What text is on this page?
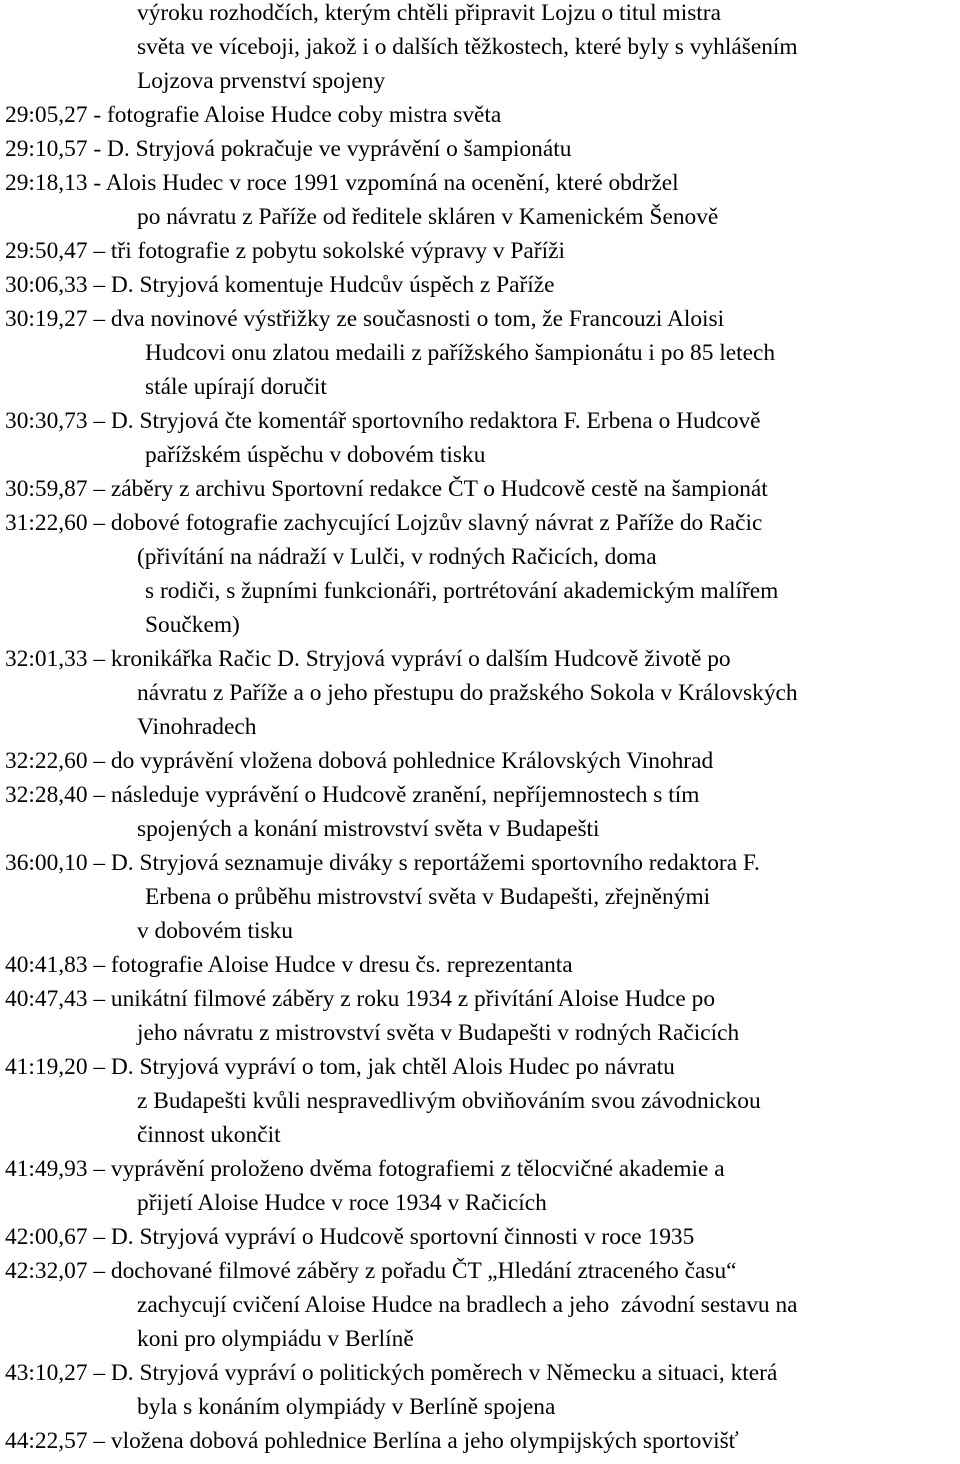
výroku rozhodčích, kterým chtěli připravit Lojzu o titul mistra
světa ve víceboji, jakož i o dalších těžkostech, které byly s vyhlášením
Lojzova prvenství spojeny
29:05,27 - fotografie Aloise Hudce coby mistra světa
29:10,57 - D. Stryjová pokračuje ve vyprávění o šampionátu
29:18,13 - Alois Hudec v roce 1991 vzpomíná na ocenění, které obdržel
po návratu z Paříže od ředitele skláren v Kamenickém Šenově
29:50,47 – tři fotografie z pobytu sokolské výpravy v Paříži
30:06,33 – D. Stryjová komentuje Hudcův úspěch z Paříže
30:19,27 – dva novinové výstřižky ze současnosti o tom, že Francouzi Aloisi
Hudcovi onu zlatou medaili z pařížského šampionátu i po 85 letech
stále upírají doručit
30:30,73 – D. Stryjová čte komentář sportovního redaktora F. Erbena o Hudcově
pařížském úspěchu v dobovém tisku
30:59,87 – záběry z archivu Sportovní redakce ČT o Hudcově cestě na šampionát
31:22,60 – dobové fotografie zachycující Lojzův slavný návrat z Paříže do Račic
(přivítání na nádraží v Lulči, v rodných Račicích, doma
s rodiči, s župními funkcionáři, portrétování akademickým malířem
Součkem)
32:01,33 – kronikářka Račic D. Stryjová vypráví o dalším Hudcově životě po
návratu z Paříže a o jeho přestupu do pražského Sokola v Královských
Vinohradech
32:22,60 – do vyprávění vložena dobová pohlednice Královských Vinohrad
32:28,40 – následuje vyprávění o Hudcově zranění, nepříjemnostech s tím
spojených a konání mistrovství světa v Budapešti
36:00,10 – D. Stryjová seznamuje diváky s reportážemi sportovního redaktora F.
Erbena o průběhu mistrovství světa v Budapešti, zřejněnými
v dobovém tisku
40:41,83 – fotografie Aloise Hudce v dresu čs. reprezentanta
40:47,43 – unikátní filmové záběry z roku 1934 z přivítání Aloise Hudce po
jeho návratu z mistrovství světa v Budapešti v rodných Račicích
41:19,20 – D. Stryjová vypráví o tom, jak chtěl Alois Hudec po návratu
z Budapešti kvůli nespravedlivým obviňováním svou závodnickou
činnost ukončit
41:49,93 – vyprávění proloženo dvěma fotografiemi z tělocvičné akademie a
přijetí Aloise Hudce v roce 1934 v Račicích
42:00,67 – D. Stryjová vypráví o Hudcově sportovní činnosti v roce 1935
42:32,07 – dochované filmové záběry z pořadu ČT „Hledání ztraceného času“
zachycují cvičení Aloise Hudce na bradlech a jeho  závodní sestavu na
koni pro olympiádu v Berlíně
43:10,27 – D. Stryjová vypráví o politických poměrech v Německu a situaci, která
byla s konáním olympiády v Berlíně spojena
44:22,57 – vložena dobová pohlednice Berlína a jeho olympijských sportovišť
